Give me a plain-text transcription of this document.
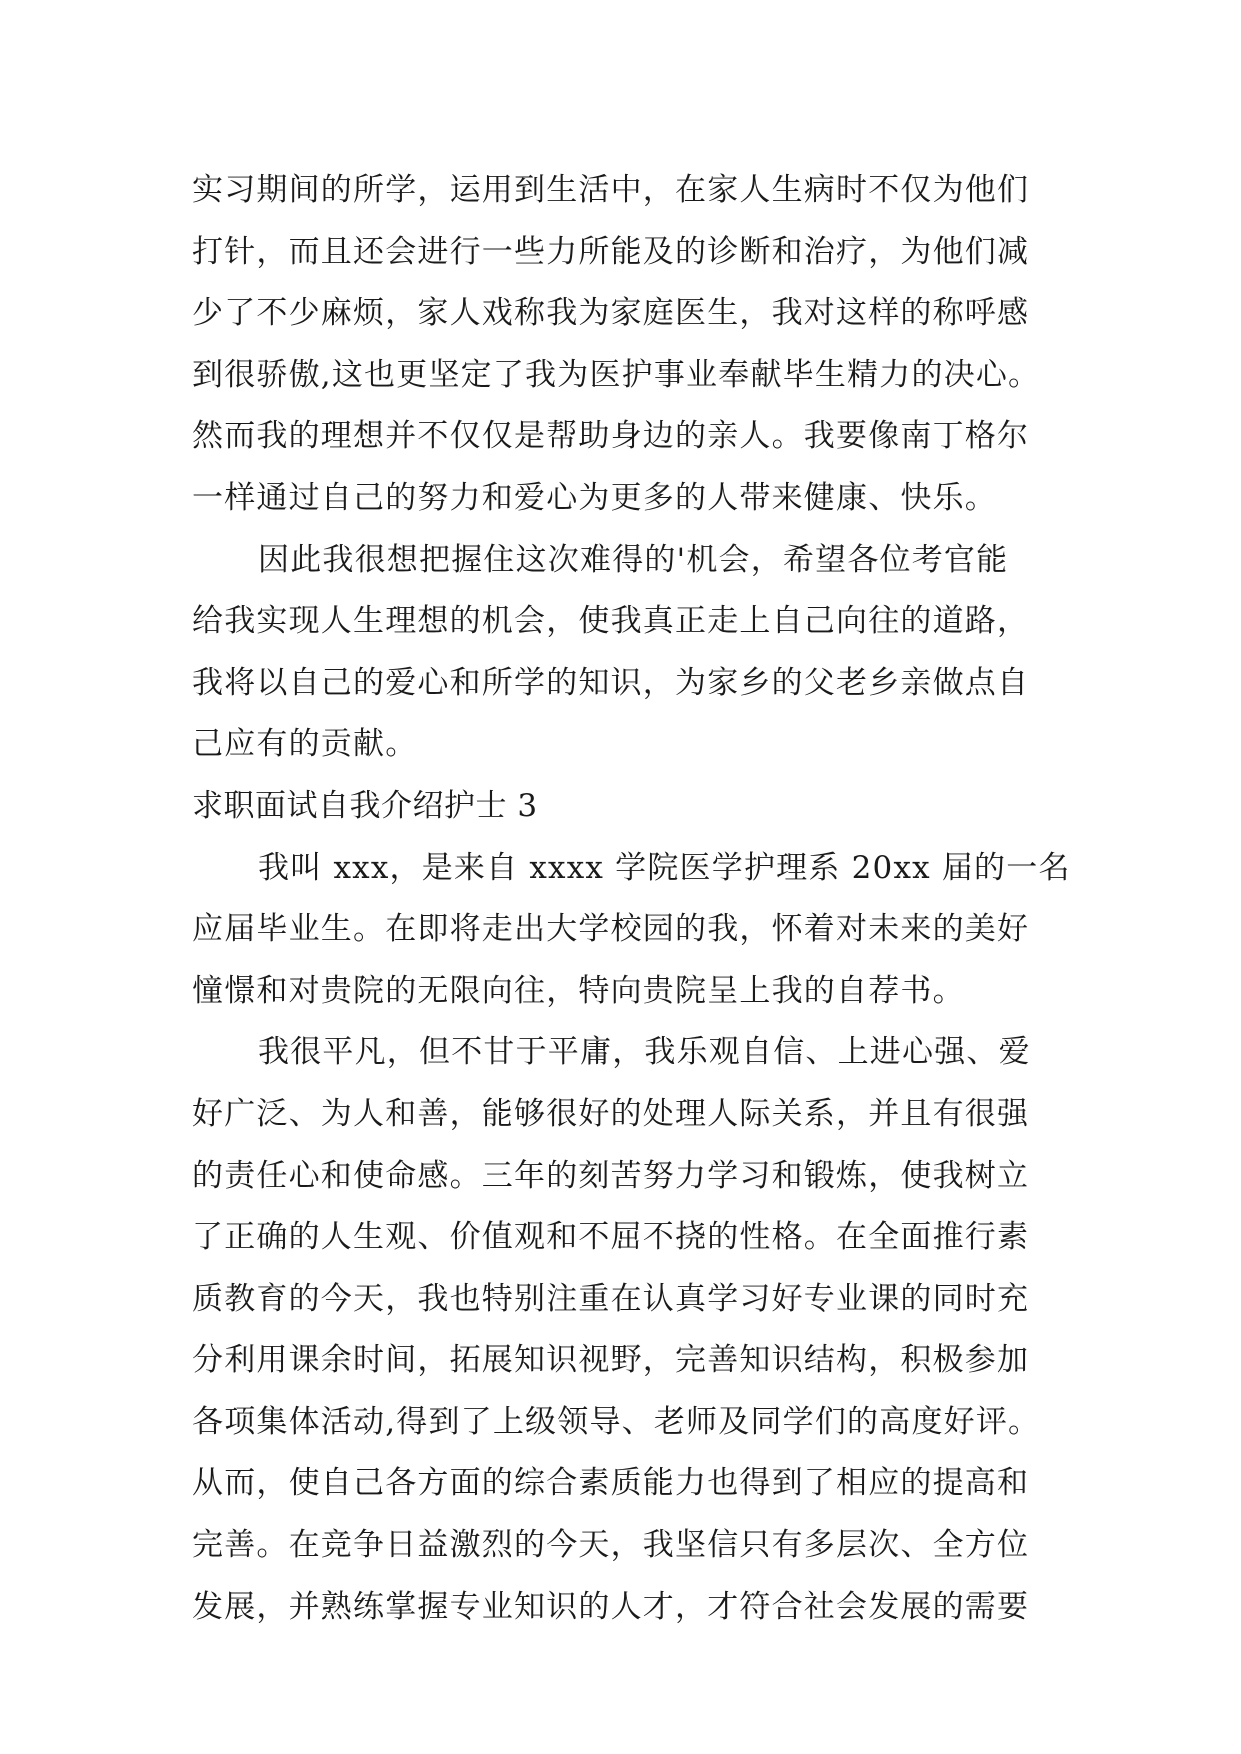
实习期间的所学，运用到生活中，在家人生病时不仅为他们
打针，而且还会进行一些力所能及的诊断和治疗，为他们减
少了不少麻烦，家人戏称我为家庭医生，我对这样的称呼感
到很骄傲,这也更坚定了我为医护事业奉献毕生精力的决心。
然而我的理想并不仅仅是帮助身边的亲人。我要像南丁格尔
一样通过自己的努力和爱心为更多的人带来健康、快乐。
因此我很想把握住这次难得的'机会，希望各位考官能
给我实现人生理想的机会，使我真正走上自己向往的道路，
我将以自己的爱心和所学的知识，为家乡的父老乡亲做点自
己应有的贡献。
求职面试自我介绍护士 3
我叫 xxx，是来自 xxxx 学院医学护理系 20xx 届的一名
应届毕业生。在即将走出大学校园的我，怀着对未来的美好
憧憬和对贵院的无限向往，特向贵院呈上我的自荐书。
我很平凡，但不甘于平庸，我乐观自信、上进心强、爱
好广泛、为人和善，能够很好的处理人际关系，并且有很强
的责任心和使命感。三年的刻苦努力学习和锻炼，使我树立
了正确的人生观、价值观和不屈不挠的性格。在全面推行素
质教育的今天，我也特别注重在认真学习好专业课的同时充
分利用课余时间，拓展知识视野，完善知识结构，积极参加
各项集体活动,得到了上级领导、老师及同学们的高度好评。
从而，使自己各方面的综合素质能力也得到了相应的提高和
完善。在竞争日益激烈的今天，我坚信只有多层次、全方位
发展，并熟练掌握专业知识的人才，才符合社会发展的需要
